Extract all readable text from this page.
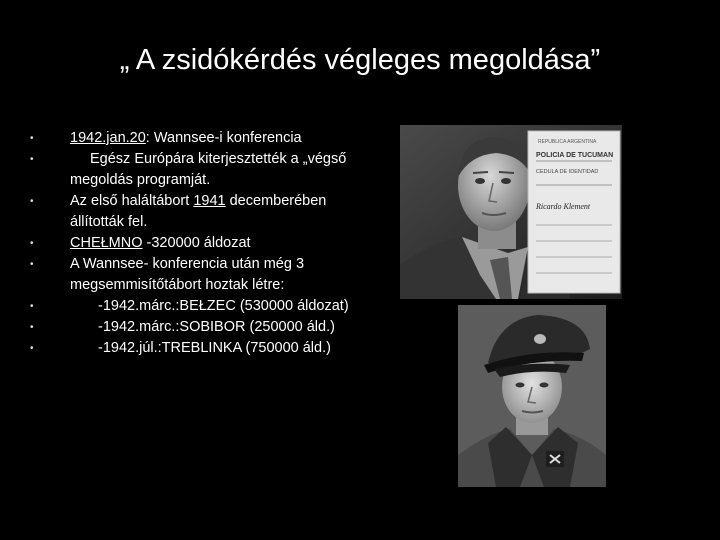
„ A zsidókérdés végleges megoldása”
•	1942.jan.20: Wannsee-i konferencia
•	Egész Európára kiterjesztették a „végső megoldás programját.
•	Az első haláltábort 1941 decemberében állították fel.
•	CHEŁMNO -320000 áldozat
•	A Wannsee- konferencia után még 3 megsemmisítőtábort hoztak létre:
•	-1942.márc.:BEŁZEC (530000 áldozat)
•	-1942.márc.:SOBIBOR (250000 áld.)
•	-1942.júl.:TREBLINKA (750000 áld.)
REPUBLICA ARGENTINA
POLICIA DE TUCUMAN
CEDULA DE IDENTIDAD
Ricardo Klement
